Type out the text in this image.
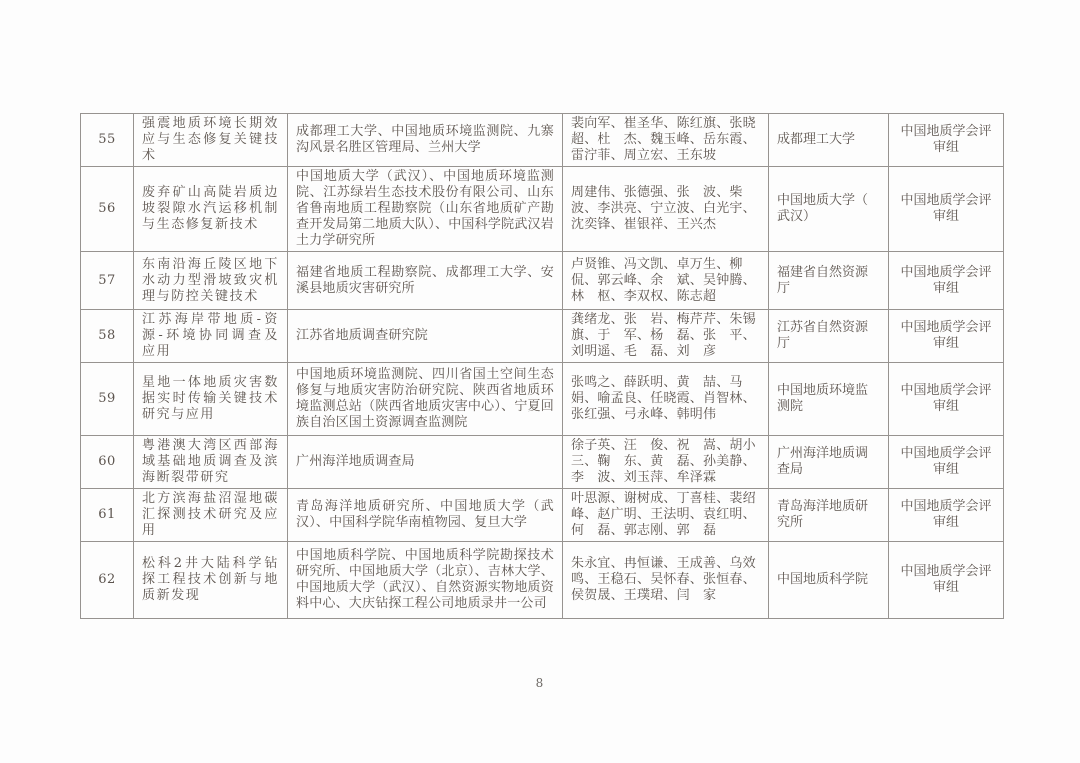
55	强震地质环境长期效应与生态修复关键技术	成都理工大学、中国地质环境监测院、九寨沟风景名胜区管理局、兰州大学	裴向军、崔圣华、陈红旗、张晓超、杜　杰、魏玉峰、岳东霞、雷泞菲、周立宏、王东坡	成都理工大学	中国地质学会评审组
56	废弃矿山高陡岩质边坡裂隙水汽运移机制与生态修复新技术	中国地质大学（武汉）、中国地质环境监测院、江苏绿岩生态技术股份有限公司、山东省鲁南地质工程勘察院（山东省地质矿产勘查开发局第二地质大队）、中国科学院武汉岩土力学研究所	周建伟、张德强、张　波、柴　波、李洪亮、宁立波、白光宇、沈奕锋、崔银祥、王兴杰	中国地质大学（武汉）	中国地质学会评审组
57	东南沿海丘陵区地下水动力型滑坡致灾机理与防控关键技术	福建省地质工程勘察院、成都理工大学、安溪县地质灾害研究所	卢贤锥、冯文凯、卓万生、柳　侃、郭云峰、余　斌、吴钟腾、林　枢、李双权、陈志超	福建省自然资源厅	中国地质学会评审组
58	江苏海岸带地质-资源-环境协同调查及应用	江苏省地质调查研究院	龚绪龙、张　岩、梅芹芹、朱锡旗、于　军、杨　磊、张　平、刘明遥、毛　磊、刘　彦	江苏省自然资源厅	中国地质学会评审组
59	星地一体地质灾害数据实时传输关键技术研究与应用	中国地质环境监测院、四川省国土空间生态修复与地质灾害防治研究院、陕西省地质环境监测总站（陕西省地质灾害中心）、宁夏回族自治区国土资源调查监测院	张鸣之、薛跃明、黄　喆、马　娟、喻孟良、任晓霞、肖智林、张红强、弓永峰、韩明伟	中国地质环境监测院	中国地质学会评审组
60	粤港澳大湾区西部海域基础地质调查及滨海断裂带研究	广州海洋地质调查局	徐子英、汪　俊、祝　嵩、胡小三、鞠　东、黄　磊、孙美静、李　波、刘玉萍、牟泽霖	广州海洋地质调查局	中国地质学会评审组
61	北方滨海盐沼湿地碳汇探测技术研究及应用	青岛海洋地质研究所、中国地质大学（武汉）、中国科学院华南植物园、复旦大学	叶思源、谢树成、丁喜桂、裴绍峰、赵广明、王法明、袁红明、何　磊、郭志刚、郭　磊	青岛海洋地质研究所	中国地质学会评审组
62	松科2井大陆科学钻探工程技术创新与地质新发现	中国地质科学院、中国地质科学院勘探技术研究所、中国地质大学（北京）、吉林大学、中国地质大学（武汉）、自然资源实物地质资料中心、大庆钻探工程公司地质录井一公司	朱永宜、冉恒谦、王成善、乌效鸣、王稳石、吴怀春、张恒春、侯贺晟、王璞珺、闫　家	中国地质科学院	中国地质学会评审组
8
